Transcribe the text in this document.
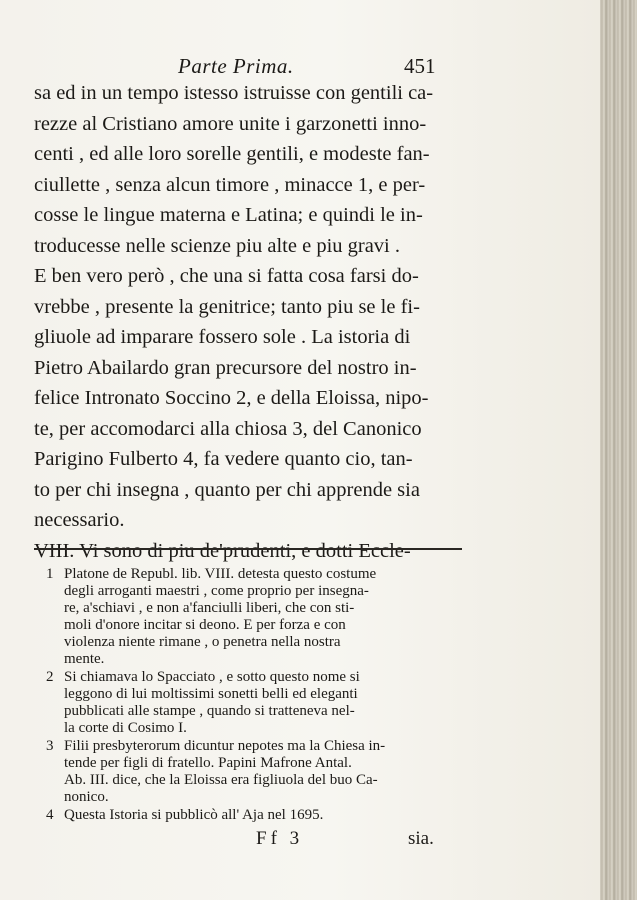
Parte Prima.	451
sa ed in un tempo istesso istruisse con gentili ca-
rezze al Cristiano amore unite i garzonetti inno-
centi , ed alle loro sorelle gentili, e modeste fan-
ciullette , senza alcun timore , minacce 1, e per-
cosse le lingue materna e Latina; e quindi le in-
troducesse nelle scienze piu alte e piu gravi .
E ben vero però , che una si fatta cosa farsi do-
vrebbe , presente la genitrice; tanto piu se le fi-
gliuole ad imparare fossero sole . La istoria di
Pietro Abailardo gran precursore del nostro in-
felice Intronato Soccino 2, e della Eloissa, nipo-
te, per accomodarci alla chiosa 3, del Canonico
Parigino Fulberto 4, fa vedere quanto cio, tan-
to per chi insegna , quanto per chi apprende sia
necessario.
VIII. Vi sono di piu de'prudenti, e dotti Eccle-
1 Platone de Republ. lib. VIII. detesta questo costume
degli arroganti maestri , come proprio per insegna-
re, a'schiavi , e non a'fanciulli liberi, che con sti-
moli d'onore incitar si deono. E per forza e con
violenza niente rimane , o penetra nella nostra
mente.
2 Si chiamava lo Spacciato , e sotto questo nome si
leggono di lui moltissimi sonetti belli ed eleganti
pubblicati alle stampe , quando si tratteneva nel-
la corte di Cosimo I.
3 Filii presbyterorum dicuntur nepotes ma la Chiesa in-
tende per figli di fratello. Papini Mafrone Antal.
Ab. III. dice, che la Eloissa era figliuola del buo Ca-
nonico.
4 Questa Istoria si pubblicò all' Aja nel 1695.
Ff 3	sia.
